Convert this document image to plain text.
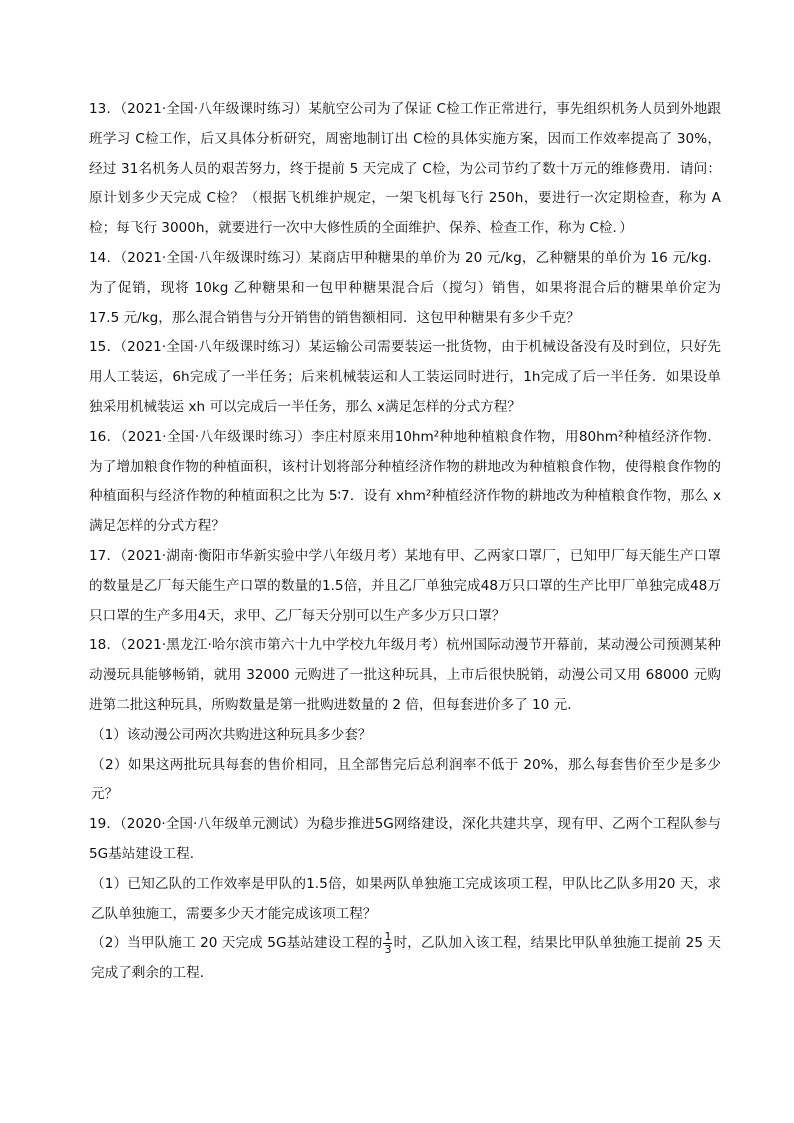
13．（2021·全国·八年级课时练习）某航空公司为了保证 C检工作正常进行，事先组织机务人员到外地跟班学习 C检工作，后又具体分析研究，周密地制订出 C检的具体实施方案，因而工作效率提高了 30%，经过 31名机务人员的艰苦努力，终于提前 5 天完成了 C检，为公司节约了数十万元的维修费用．请问：原计划多少天完成 C检？（根据飞机维护规定，一架飞机每飞行 250h，要进行一次定期检查，称为 A检；每飞行 3000h，就要进行一次中大修性质的全面维护、保养、检查工作，称为 C检．）

14．（2021·全国·八年级课时练习）某商店甲种糖果的单价为 20 元/kg，乙种糖果的单价为 16 元/kg．为了促销，现将 10kg 乙种糖果和一包甲种糖果混合后（搅匀）销售，如果将混合后的糖果单价定为 17.5 元/kg，那么混合销售与分开销售的销售额相同．这包甲种糖果有多少千克？

15．（2021·全国·八年级课时练习）某运输公司需要装运一批货物，由于机械设备没有及时到位，只好先用人工装运，6h完成了一半任务；后来机械装运和人工装运同时进行，1h完成了后一半任务．如果设单独采用机械装运 xh 可以完成后一半任务，那么 x满足怎样的分式方程？

16．（2021·全国·八年级课时练习）李庄村原来用10hm²种地种植粮食作物，用80hm²种植经济作物．为了增加粮食作物的种植面积，该村计划将部分种植经济作物的耕地改为种植粮食作物，使得粮食作物的种植面积与经济作物的种植面积之比为 5∶7．设有 xhm²种植经济作物的耕地改为种植粮食作物，那么 x满足怎样的分式方程？

17．（2021·湖南·衡阳市华新实验中学八年级月考）某地有甲、乙两家口罩厂，已知甲厂每天能生产口罩的数量是乙厂每天能生产口罩的数量的1.5倍，并且乙厂单独完成48万只口罩的生产比甲厂单独完成48万只口罩的生产多用4天，求甲、乙厂每天分别可以生产多少万只口罩？

18．（2021·黑龙江·哈尔滨市第六十九中学校九年级月考）杭州国际动漫节开幕前，某动漫公司预测某种动漫玩具能够畅销，就用 32000 元购进了一批这种玩具，上市后很快脱销，动漫公司又用 68000 元购进第二批这种玩具，所购数量是第一批购进数量的 2 倍，但每套进价多了 10 元．

（1）该动漫公司两次共购进这种玩具多少套？

（2）如果这两批玩具每套的售价相同，且全部售完后总利润率不低于 20%，那么每套售价至少是多少元？

19．（2020·全国·八年级单元测试）为稳步推进5G网络建设，深化共建共享，现有甲、乙两个工程队参与5G基站建设工程．

（1）已知乙队的工作效率是甲队的1.5倍，如果两队单独施工完成该项工程，甲队比乙队多用20 天，求乙队单独施工，需要多少天才能完成该项工程？

（2）当甲队施工 20 天完成 5G基站建设工程的 $\frac{1}{3}$ 时，乙队加入该工程，结果比甲队单独施工提前 25 天完成了剩余的工程．
